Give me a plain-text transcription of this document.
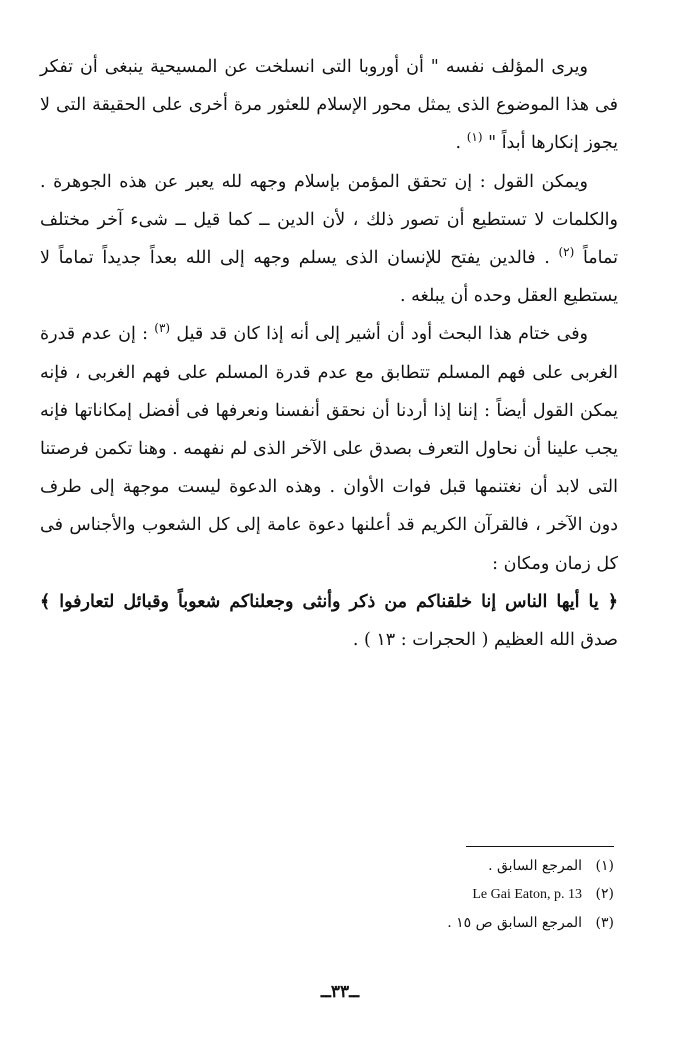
ويرى المؤلف نفسه " أن أوروبا التى انسلخت عن المسيحية ينبغى أن تفكر فى هذا الموضوع الذى يمثل محور الإسلام للعثور مرة أخرى على الحقيقة التى لا يجوز إنكارها أبداً " $^{(١)}$ .

ويمكن القول : إن تحقق المؤمن بإسلام وجهه لله يعبر عن هذه الجوهرة . والكلمات لا تستطيع أن تصور ذلك ، لأن الدين ــ كما قيل ــ شىء آخر مختلف تماماً $^{(٢)}$ . فالدين يفتح للإنسان الذى يسلم وجهه إلى الله بعداً جديداً تماماً لا يستطيع العقل وحده أن يبلغه .

وفى ختام هذا البحث أود أن أشير إلى أنه إذا كان قد قيل $^{(٣)}$ : إن عدم قدرة الغربى على فهم المسلم تتطابق مع عدم قدرة المسلم على فهم الغربى ، فإنه يمكن القول أيضاً : إننا إذا أردنا أن نحقق أنفسنا ونعرفها فى أفضل إمكاناتها فإنه يجب علينا أن نحاول التعرف بصدق على الآخر الذى لم نفهمه . وهنا تكمن فرصتنا التى لابد أن نغتنمها قبل فوات الأوان . وهذه الدعوة ليست موجهة إلى طرف دون الآخر ، فالقرآن الكريم قد أعلنها دعوة عامة إلى كل الشعوب والأجناس فى كل زمان ومكان :

﴿ يا أيها الناس إنا خلقناكم من ذكر وأنثى وجعلناكم شعوباً وقبائل لتعارفوا ﴾ صدق الله العظيم ( الحجرات : ١٣ ) .

(١)
المرجع السابق .
(٢)
Le Gai Eaton, p. 13
(٣)
المرجع السابق ص ١٥ .
ــ٣٣ــ
